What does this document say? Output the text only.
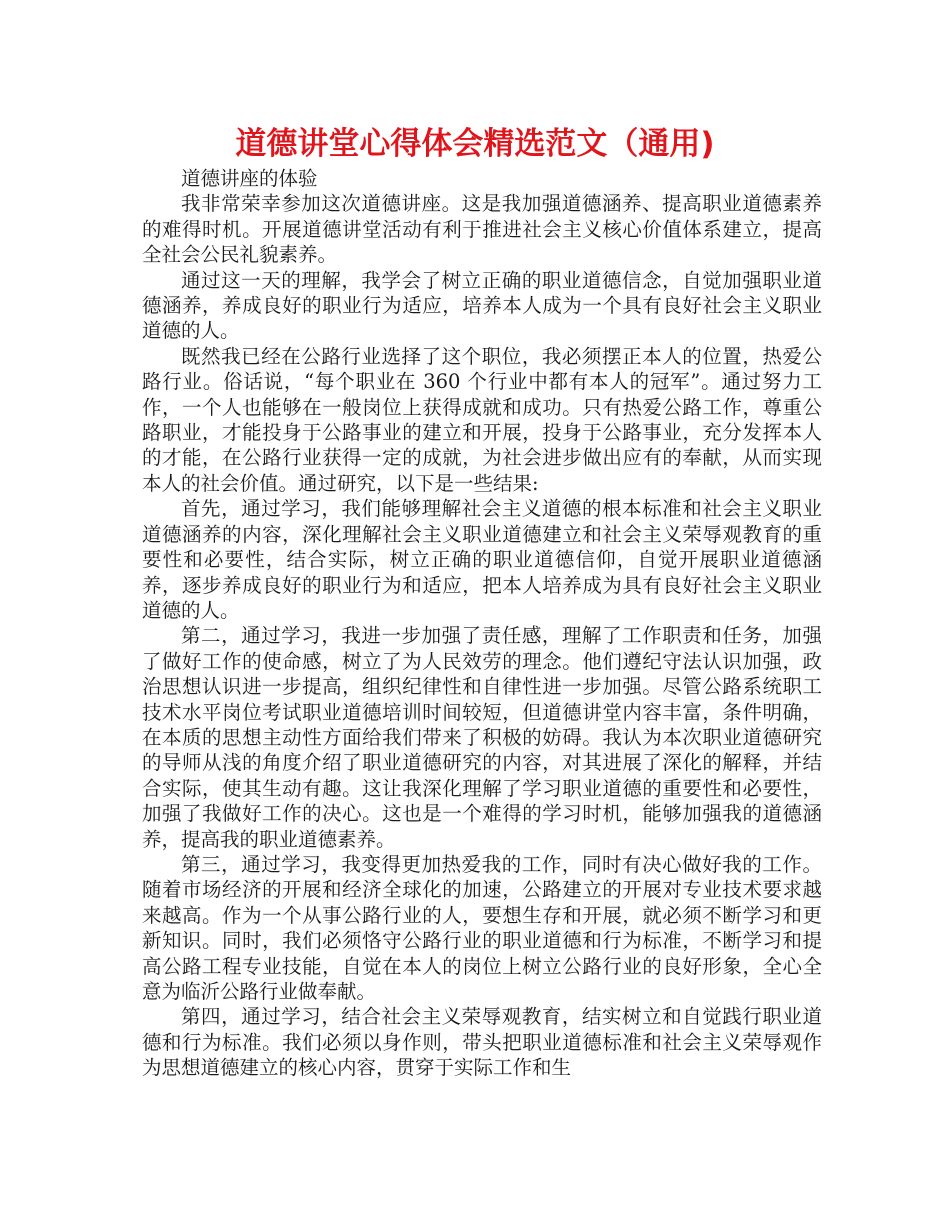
道德讲堂心得体会精选范文（通用)

道德讲座的体验

我非常荣幸参加这次道德讲座。这是我加强道德涵养、提高职业道德素养的难得时机。开展道德讲堂活动有利于推进社会主义核心价值体系建立，提高全社会公民礼貌素养。

通过这一天的理解，我学会了树立正确的职业道德信念，自觉加强职业道德涵养，养成良好的职业行为适应，培养本人成为一个具有良好社会主义职业道德的人。

既然我已经在公路行业选择了这个职位，我必须摆正本人的位置，热爱公路行业。俗话说，“每个职业在 360 个行业中都有本人的冠军”。通过努力工作，一个人也能够在一般岗位上获得成就和成功。只有热爱公路工作，尊重公路职业，才能投身于公路事业的建立和开展，投身于公路事业，充分发挥本人的才能，在公路行业获得一定的成就，为社会进步做出应有的奉献，从而实现本人的社会价值。通过研究，以下是一些结果:

首先，通过学习，我们能够理解社会主义道德的根本标准和社会主义职业道德涵养的内容，深化理解社会主义职业道德建立和社会主义荣辱观教育的重要性和必要性，结合实际，树立正确的职业道德信仰，自觉开展职业道德涵养，逐步养成良好的职业行为和适应，把本人培养成为具有良好社会主义职业道德的人。

第二，通过学习，我进一步加强了责任感，理解了工作职责和任务，加强了做好工作的使命感，树立了为人民效劳的理念。他们遵纪守法认识加强，政治思想认识进一步提高，组织纪律性和自律性进一步加强。尽管公路系统职工技术水平岗位考试职业道德培训时间较短，但道德讲堂内容丰富，条件明确，在本质的思想主动性方面给我们带来了积极的妨碍。我认为本次职业道德研究的导师从浅的角度介绍了职业道德研究的内容，对其进展了深化的解释，并结合实际，使其生动有趣。这让我深化理解了学习职业道德的重要性和必要性，加强了我做好工作的决心。这也是一个难得的学习时机，能够加强我的道德涵养，提高我的职业道德素养。

第三，通过学习，我变得更加热爱我的工作，同时有决心做好我的工作。随着市场经济的开展和经济全球化的加速，公路建立的开展对专业技术要求越来越高。作为一个从事公路行业的人，要想生存和开展，就必须不断学习和更新知识。同时，我们必须恪守公路行业的职业道德和行为标准，不断学习和提高公路工程专业技能，自觉在本人的岗位上树立公路行业的良好形象，全心全意为临沂公路行业做奉献。

第四，通过学习，结合社会主义荣辱观教育，结实树立和自觉践行职业道德和行为标准。我们必须以身作则，带头把职业道德标准和社会主义荣辱观作为思想道德建立的核心内容，贯穿于实际工作和生
